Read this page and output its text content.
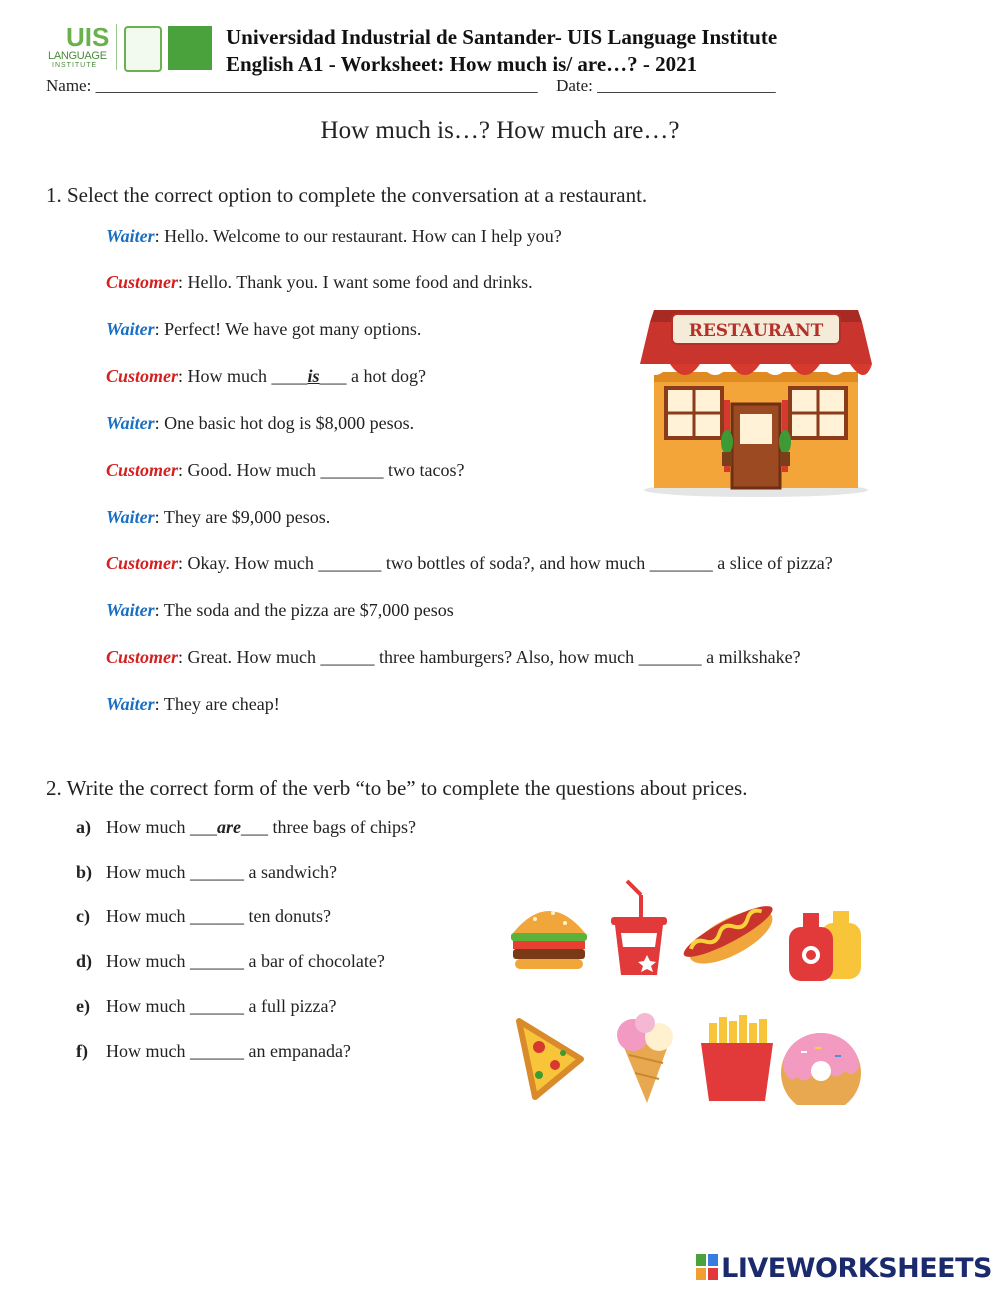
UIS
LANGUAGE
INSTITUTE
Universidad Industrial de Santander- UIS Language Institute
English A1 - Worksheet: How much is/ are…? - 2021
Name: ____________________________________________________ Date: _____________________
How much is…? How much are…?
1. Select the correct option to complete the conversation at a restaurant.
Waiter: Hello. Welcome to our restaurant. How can I help you?
Customer: Hello. Thank you. I want some food and drinks.
Waiter: Perfect! We have got many options.
Customer: How much ____is___ a hot dog?
Waiter: One basic hot dog is $8,000 pesos.
Customer: Good. How much _______ two tacos?
Waiter: They are $9,000 pesos.
Customer: Okay. How much _______ two bottles of soda?, and how much _______ a slice of pizza?
Waiter: The soda and the pizza are $7,000 pesos
Customer: Great. How much ______ three hamburgers? Also, how much _______ a milkshake?
Waiter: They are cheap!
RESTAURANT
2. Write the correct form of the verb “to be” to complete the questions about prices.
a) How much ___are___ three bags of chips?
b) How much ______ a sandwich?
c) How much ______ ten donuts?
d) How much ______ a bar of chocolate?
e) How much ______ a full pizza?
f) How much ______ an empanada?
LIVEWORKSHEETS
